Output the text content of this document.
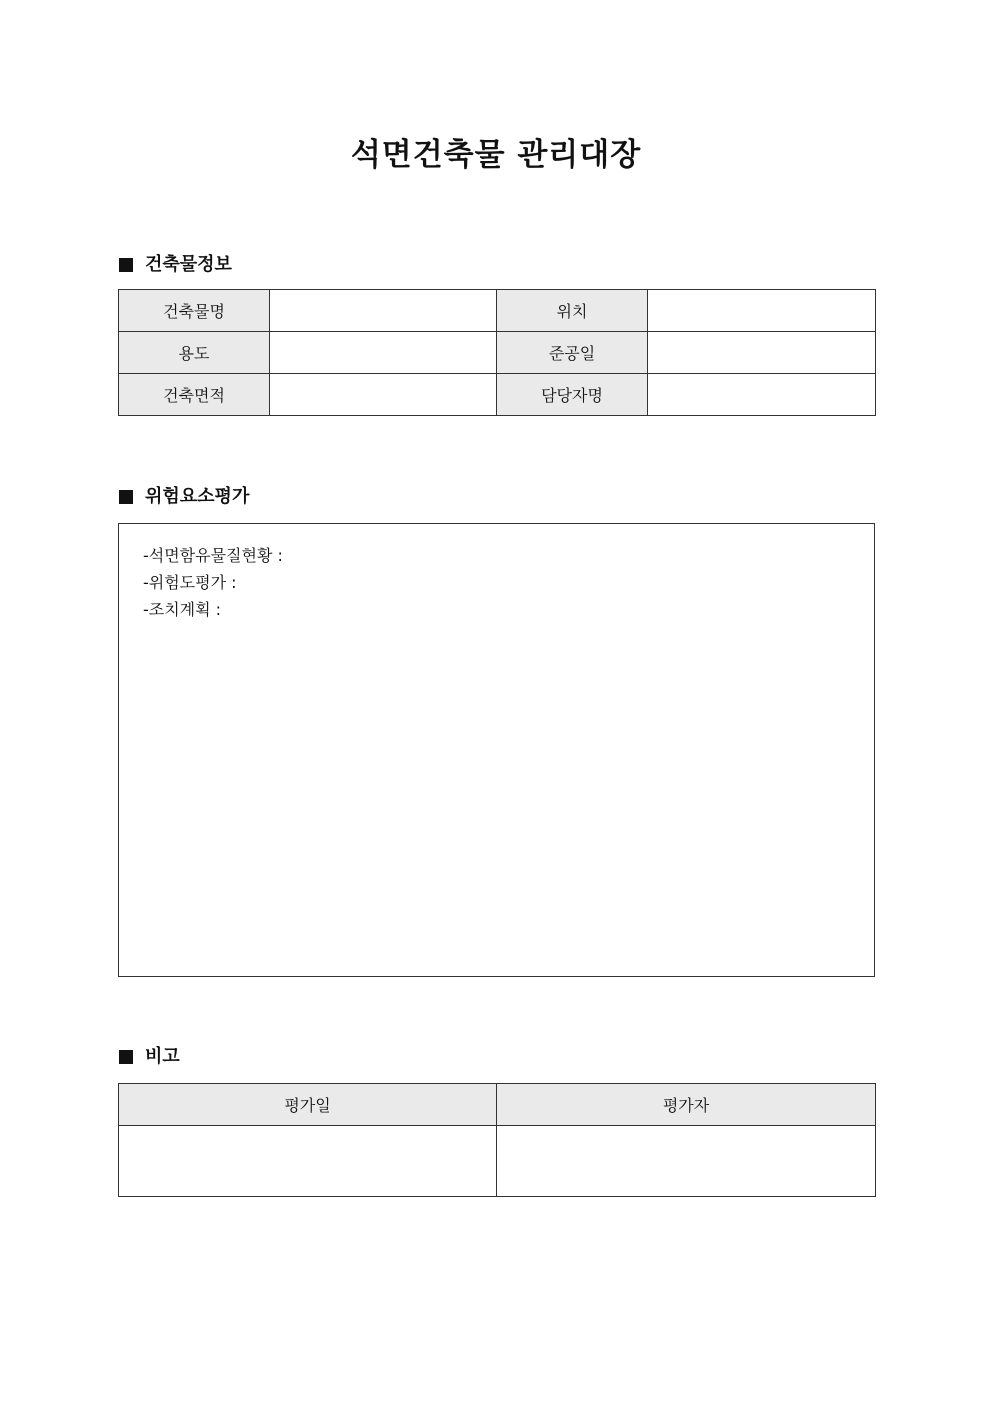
석면건축물 관리대장
건축물정보
건축물명		위치	
용도		준공일	
건축면적		담당자명	
위험요소평가
-석면함유물질현황 :
-위험도평가 :
-조치계획 :
비고
평가일	평가자
